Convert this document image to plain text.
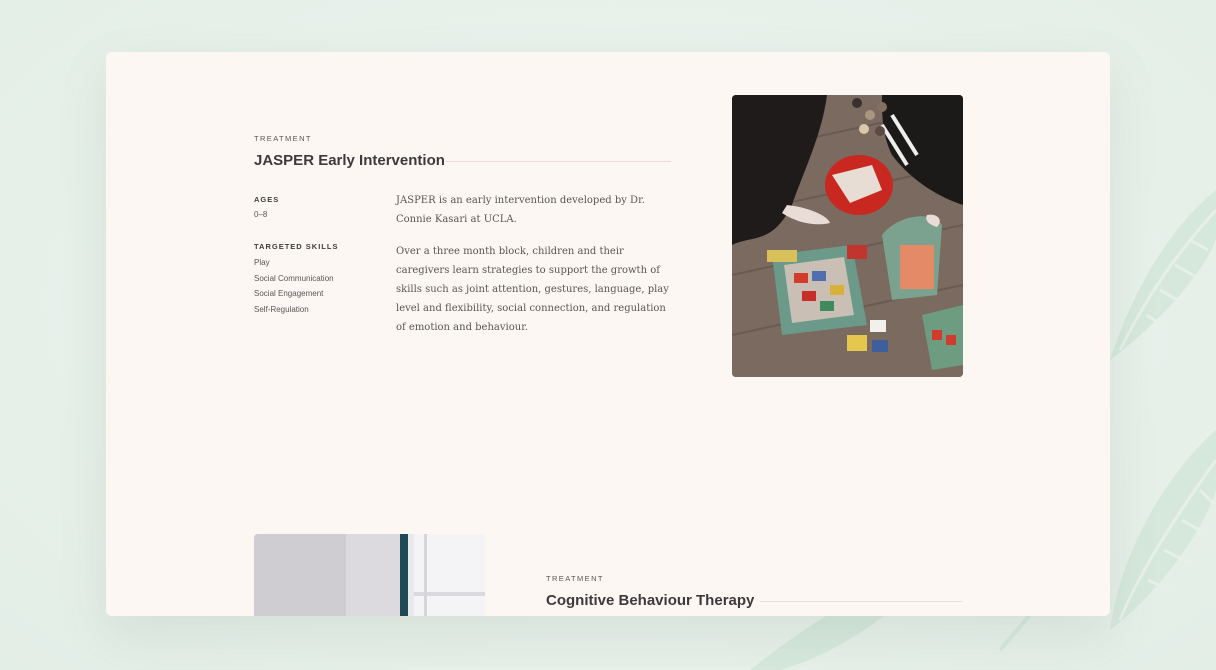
TREATMENT
JASPER Early Intervention
AGES
0–8
TARGETED SKILLS
Play
Social Communication
Social Engagement
Self-Regulation

JASPER is an early intervention developed by Dr. Connie Kasari at UCLA.

Over a three month block, children and their caregivers learn strategies to support the growth of skills such as joint attention, gestures, language, play level and flexibility, social connection, and regulation of emotion and behaviour.

TREATMENT
Cognitive Behaviour Therapy
